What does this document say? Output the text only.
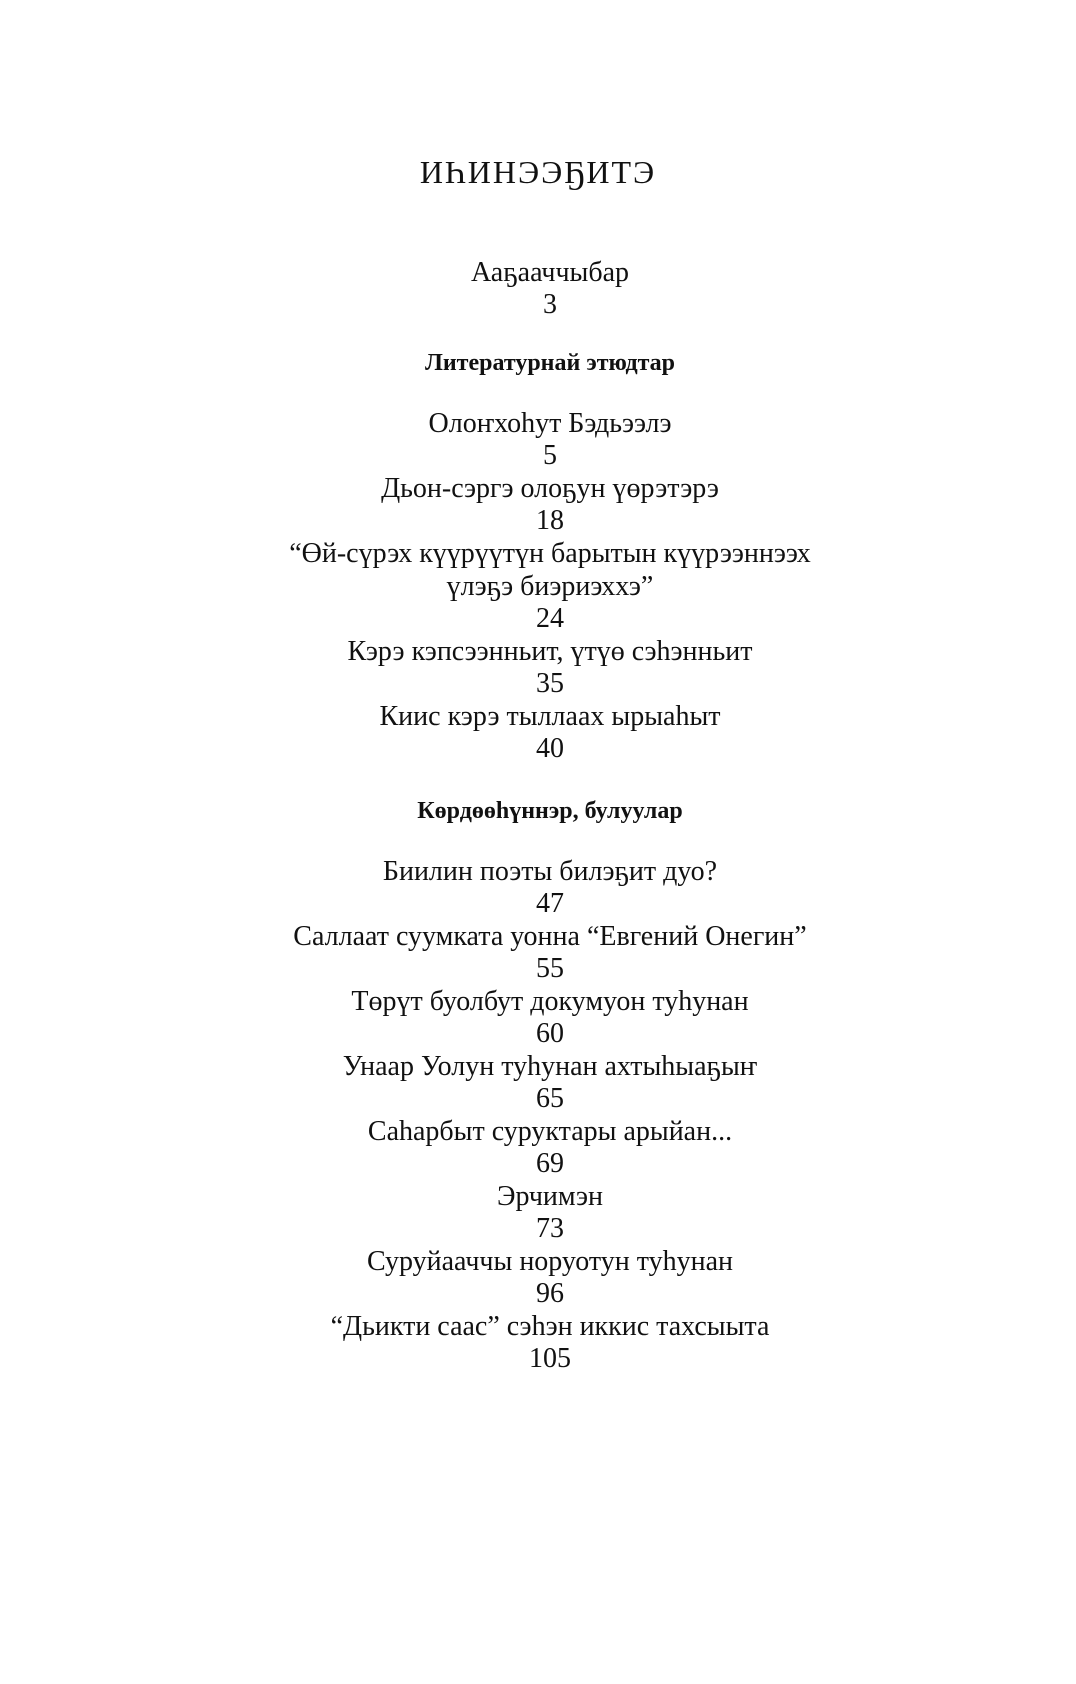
ИҺИНЭЭҔИТЭ
Ааҕааччыбар
3
Литературнай этюдтар
Олоҥхоһут Бэдьээлэ
5
Дьон-сэргэ олоҕун үөрэтэрэ
18
“Өй-сүрэх күүрүүтүн барытын күүрээннээх
үлэҕэ биэриэххэ”
24
Кэрэ кэпсээнньит, үтүө сэһэнньит
35
Киис кэрэ тыллаах ырыаһыт
40
Көрдөөһүннэр, булуулар
Биилин поэты билэҕит дуо?
47
Саллаат суумката уонна “Евгений Онегин”
55
Төрүт буолбут докумуон туһунан
60
Унаар Уолун туһунан ахтыһыаҕыҥ
65
Саһарбыт суруктары арыйан...
69
Эрчимэн
73
Суруйааччы норуотун туһунан
96
“Дьикти саас” сэһэн иккис тахсыыта
105
